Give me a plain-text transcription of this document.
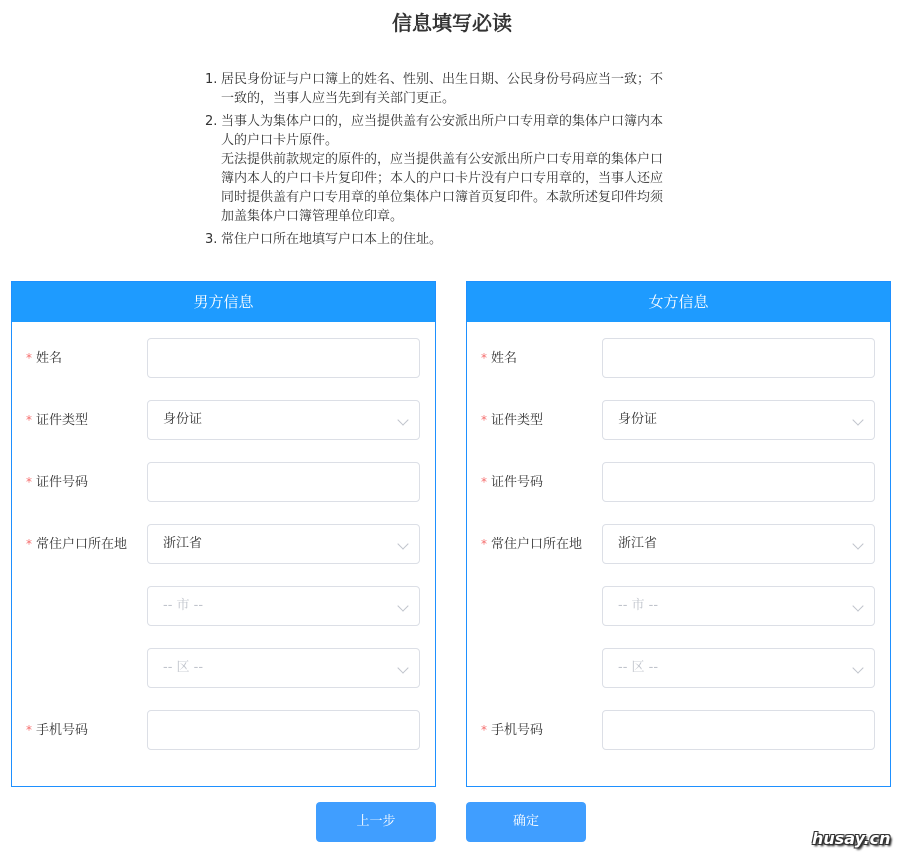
信息填写必读
1. 居民身份证与户口簿上的姓名、性别、出生日期、公民身份号码应当一致；不一致的，当事人应当先到有关部门更正。
2. 当事人为集体户口的，应当提供盖有公安派出所户口专用章的集体户口簿内本人的户口卡片原件。
无法提供前款规定的原件的，应当提供盖有公安派出所户口专用章的集体户口簿内本人的户口卡片复印件；本人的户口卡片没有户口专用章的，当事人还应同时提供盖有户口专用章的单位集体户口簿首页复印件。本款所述复印件均须加盖集体户口簿管理单位印章。
3. 常住户口所在地填写户口本上的住址。
男方信息
* 姓名
* 证件类型	身份证
* 证件号码
* 常住户口所在地	浙江省
-- 市 --
-- 区 --
* 手机号码
女方信息
* 姓名
* 证件类型	身份证
* 证件号码
* 常住户口所在地	浙江省
-- 市 --
-- 区 --
* 手机号码
上一步	确定
husay.cn
